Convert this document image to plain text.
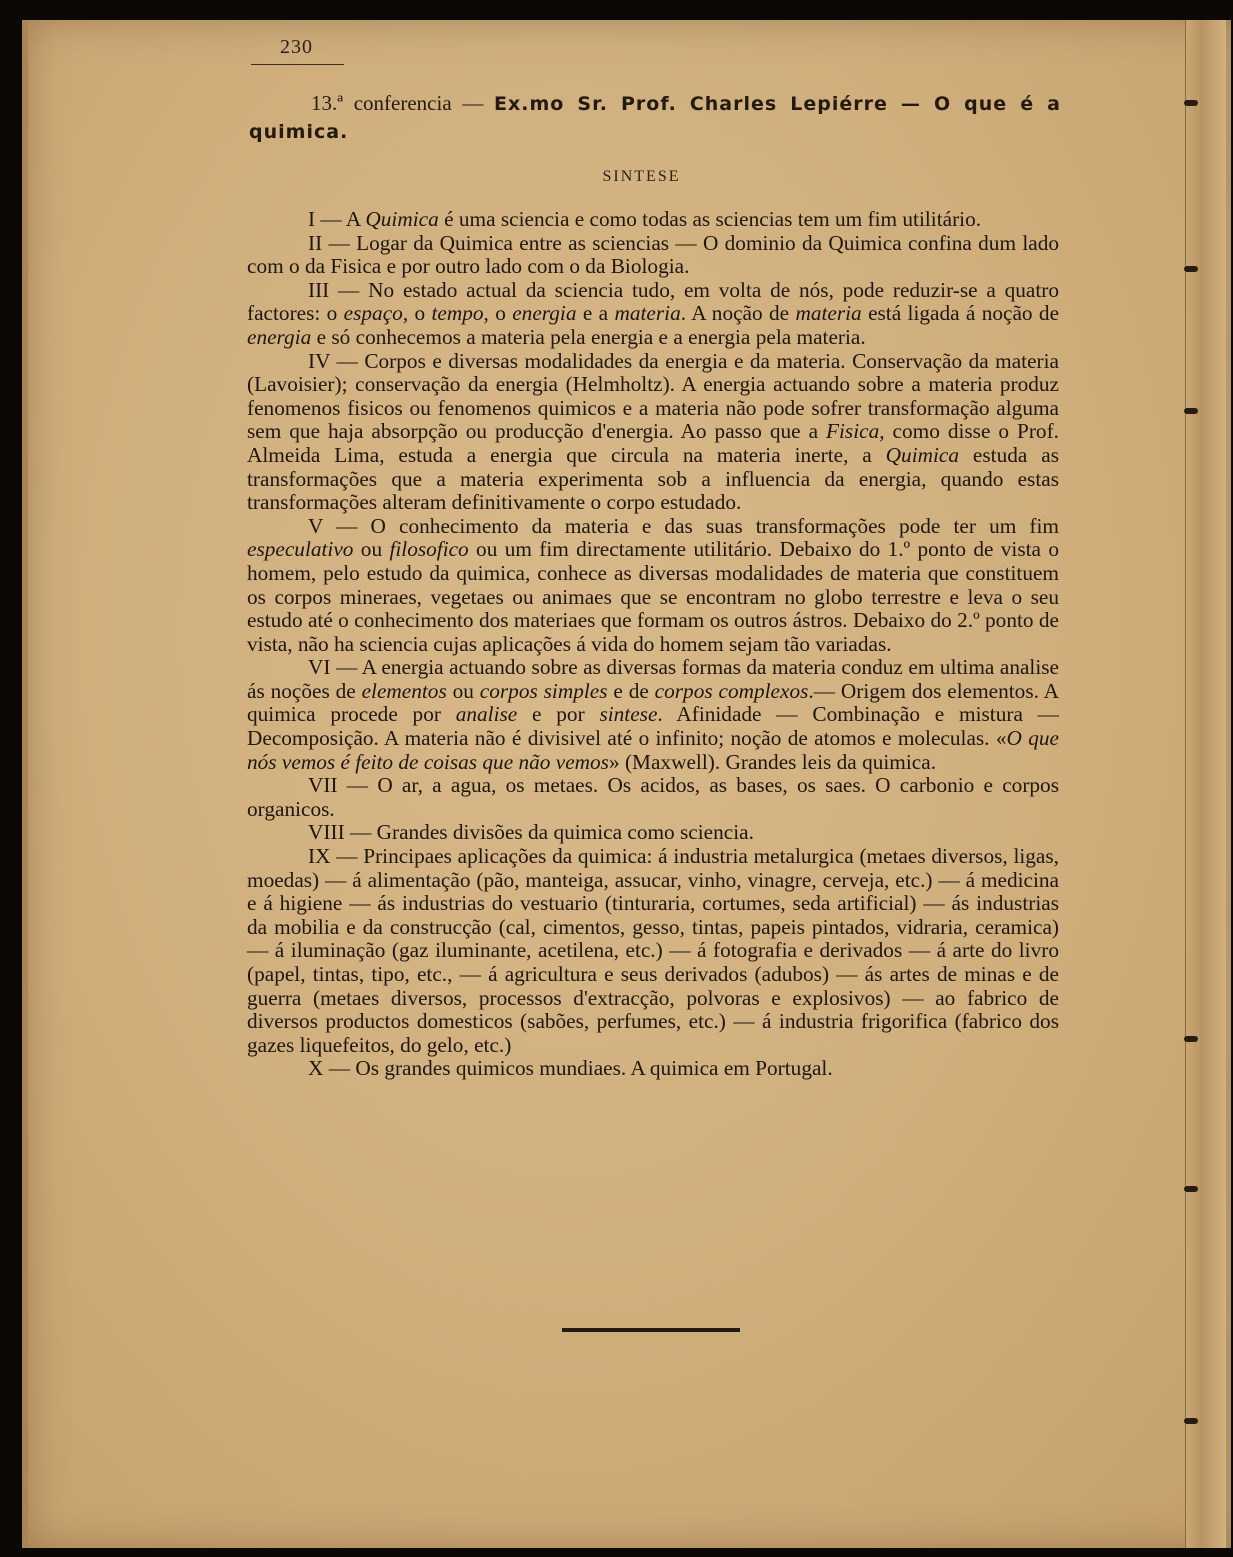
230
13.ª conferencia — Ex.mo Sr. Prof. Charles Lepiérre — O que é a quimica.
SINTESE

I — A Quimica é uma sciencia e como todas as sciencias tem um fim utilitário.

II — Logar da Quimica entre as sciencias — O dominio da Quimica confina dum lado com o da Fisica e por outro lado com o da Biologia.

III — No estado actual da sciencia tudo, em volta de nós, pode reduzir-se a quatro factores: o espaço, o tempo, o energia e a materia. A noção de materia está ligada á noção de energia e só conhecemos a materia pela energia e a energia pela materia.

IV — Corpos e diversas modalidades da energia e da materia. Conservação da materia (Lavoisier); conservação da energia (Helmholtz). A energia actuando sobre a materia produz fenomenos fisicos ou fenomenos quimicos e a materia não pode sofrer transformação alguma sem que haja absorpção ou producção d'energia. Ao passo que a Fisica, como disse o Prof. Almeida Lima, estuda a energia que circula na materia inerte, a Quimica estuda as transformações que a materia experimenta sob a influencia da energia, quando estas transformações alteram definitivamente o corpo estudado.

V — O conhecimento da materia e das suas transformações pode ter um fim especulativo ou filosofico ou um fim directamente utilitário. Debaixo do 1.º ponto de vista o homem, pelo estudo da quimica, conhece as diversas modalidades de materia que constituem os corpos mineraes, vegetaes ou animaes que se encontram no globo terrestre e leva o seu estudo até o conhecimento dos materiaes que formam os outros ástros. Debaixo do 2.º ponto de vista, não ha sciencia cujas aplicações á vida do homem sejam tão variadas.

VI — A energia actuando sobre as diversas formas da materia conduz em ultima analise ás noções de elementos ou corpos simples e de corpos complexos.— Origem dos elementos. A quimica procede por analise e por sintese. Afinidade — Combinação e mistura — Decomposição. A materia não é divisivel até o infinito; noção de atomos e moleculas. «O que nós vemos é feito de coisas que não vemos» (Maxwell). Grandes leis da quimica.

VII — O ar, a agua, os metaes. Os acidos, as bases, os saes. O carbonio e corpos organicos.

VIII — Grandes divisões da quimica como sciencia.

IX — Principaes aplicações da quimica: á industria metalurgica (metaes diversos, ligas, moedas) — á alimentação (pão, manteiga, assucar, vinho, vinagre, cerveja, etc.) — á medicina e á higiene — ás industrias do vestuario (tinturaria, cortumes, seda artificial) — ás industrias da mobilia e da construcção (cal, cimentos, gesso, tintas, papeis pintados, vidraria, ceramica) — á iluminação (gaz iluminante, acetilena, etc.) — á fotografia e derivados — á arte do livro (papel, tintas, tipo, etc., — á agricultura e seus derivados (adubos) — ás artes de minas e de guerra (metaes diversos, processos d'extracção, polvoras e explosivos) — ao fabrico de diversos productos domesticos (sabões, perfumes, etc.) — á industria frigorifica (fabrico dos gazes liquefeitos, do gelo, etc.)

X — Os grandes quimicos mundiaes. A quimica em Portugal.
